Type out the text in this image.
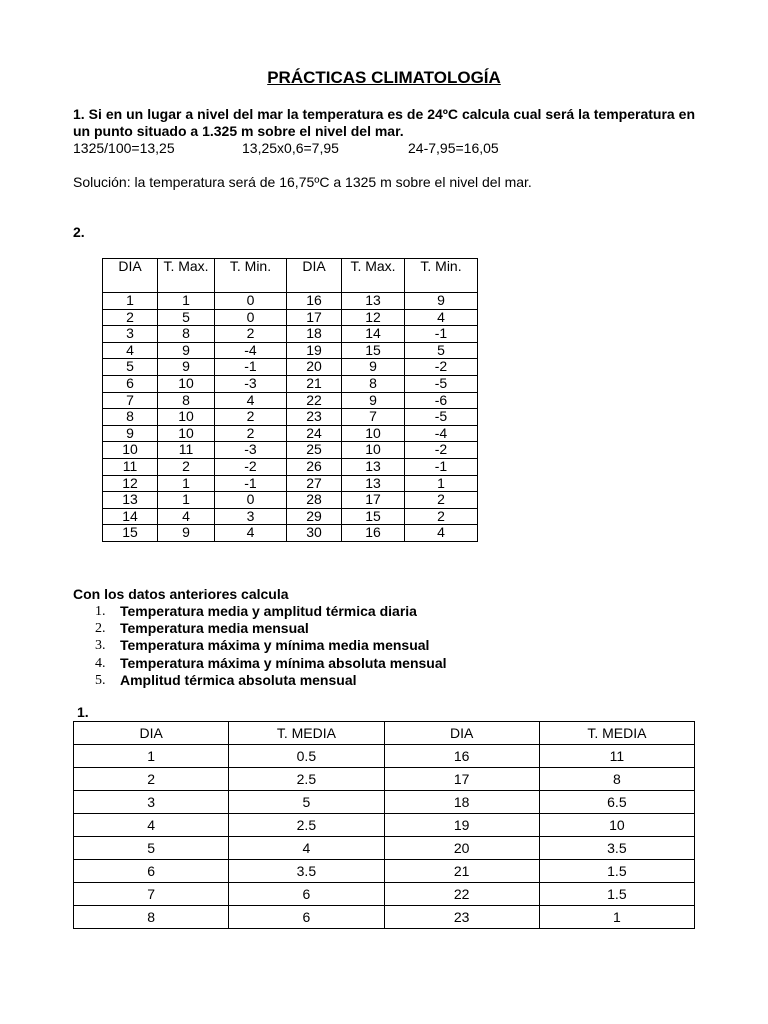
PRÁCTICAS CLIMATOLOGÍA
1. Si en un lugar a nivel del mar la temperatura es de 24ºC calcula cual será la temperatura en un punto situado a 1.325 m sobre el nivel del mar.
1325/100=13,25	13,25x0,6=7,95	24-7,95=16,05
Solución: la temperatura será de 16,75ºC a 1325 m sobre el nivel del mar.
2.
DIA	T. Max.	T. Min.	DIA	T. Max.	T. Min.
1	1	0	16	13	9
2	5	0	17	12	4
3	8	2	18	14	-1
4	9	-4	19	15	5
5	9	-1	20	9	-2
6	10	-3	21	8	-5
7	8	4	22	9	-6
8	10	2	23	7	-5
9	10	2	24	10	-4
10	11	-3	25	10	-2
11	2	-2	26	13	-1
12	1	-1	27	13	1
13	1	0	28	17	2
14	4	3	29	15	2
15	9	4	30	16	4
Con los datos anteriores calcula
1. Temperatura media y amplitud térmica diaria
2. Temperatura media mensual
3. Temperatura máxima y mínima media mensual
4. Temperatura máxima y mínima absoluta mensual
5. Amplitud térmica absoluta mensual
1.
DIA	T. MEDIA	DIA	T. MEDIA
1	0.5	16	11
2	2.5	17	8
3	5	18	6.5
4	2.5	19	10
5	4	20	3.5
6	3.5	21	1.5
7	6	22	1.5
8	6	23	1
